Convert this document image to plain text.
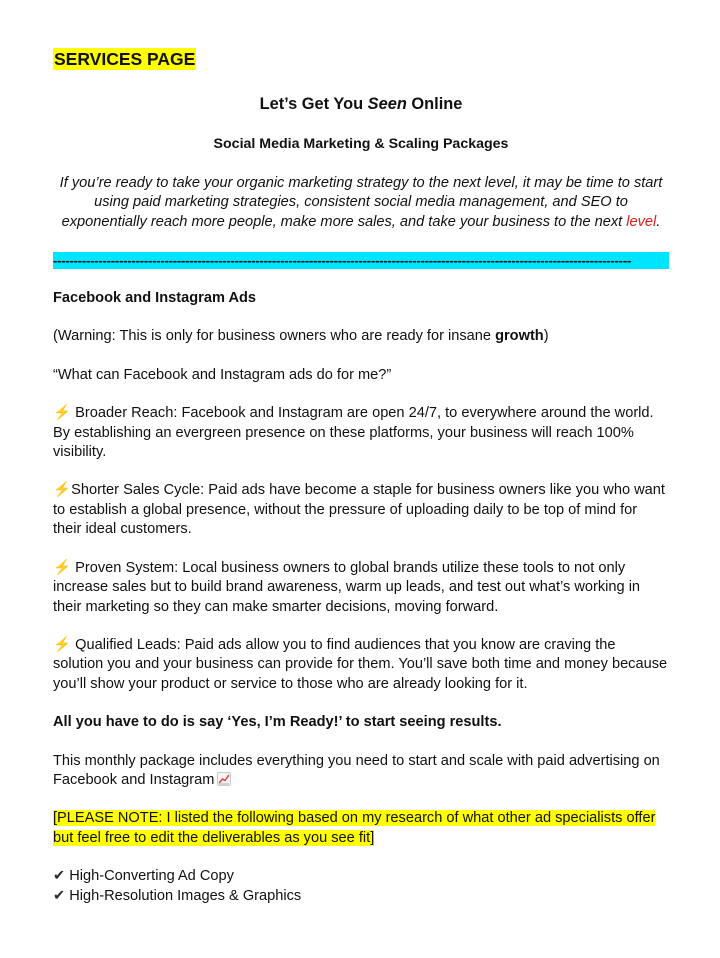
SERVICES PAGE
Let’s Get You Seen Online
Social Media Marketing & Scaling Packages
If you’re ready to take your organic marketing strategy to the next level, it may be time to start using paid marketing strategies, consistent social media management, and SEO to exponentially reach more people, make more sales, and take your business to the next level.
--------------------------------------------------------------------------------------------------------------------------------------------
Facebook and Instagram Ads
(Warning: This is only for business owners who are ready for insane growth)
“What can Facebook and Instagram ads do for me?”
⚡ Broader Reach: Facebook and Instagram are open 24/7, to everywhere around the world. By establishing an evergreen presence on these platforms, your business will reach 100% visibility.
⚡Shorter Sales Cycle: Paid ads have become a staple for business owners like you who want to establish a global presence, without the pressure of uploading daily to be top of mind for their ideal customers.
⚡ Proven System: Local business owners to global brands utilize these tools to not only increase sales but to build brand awareness, warm up leads, and test out what’s working in their marketing so they can make smarter decisions, moving forward.
⚡ Qualified Leads: Paid ads allow you to find audiences that you know are craving the solution you and your business can provide for them. You’ll save both time and money because you’ll show your product or service to those who are already looking for it.
All you have to do is say ‘Yes, I’m Ready!’ to start seeing results.
This monthly package includes everything you need to start and scale with paid advertising on Facebook and Instagram
[PLEASE NOTE: I listed the following based on my research of what other ad specialists offer but feel free to edit the deliverables as you see fit]
✔ High-Converting Ad Copy
✔ High-Resolution Images & Graphics
